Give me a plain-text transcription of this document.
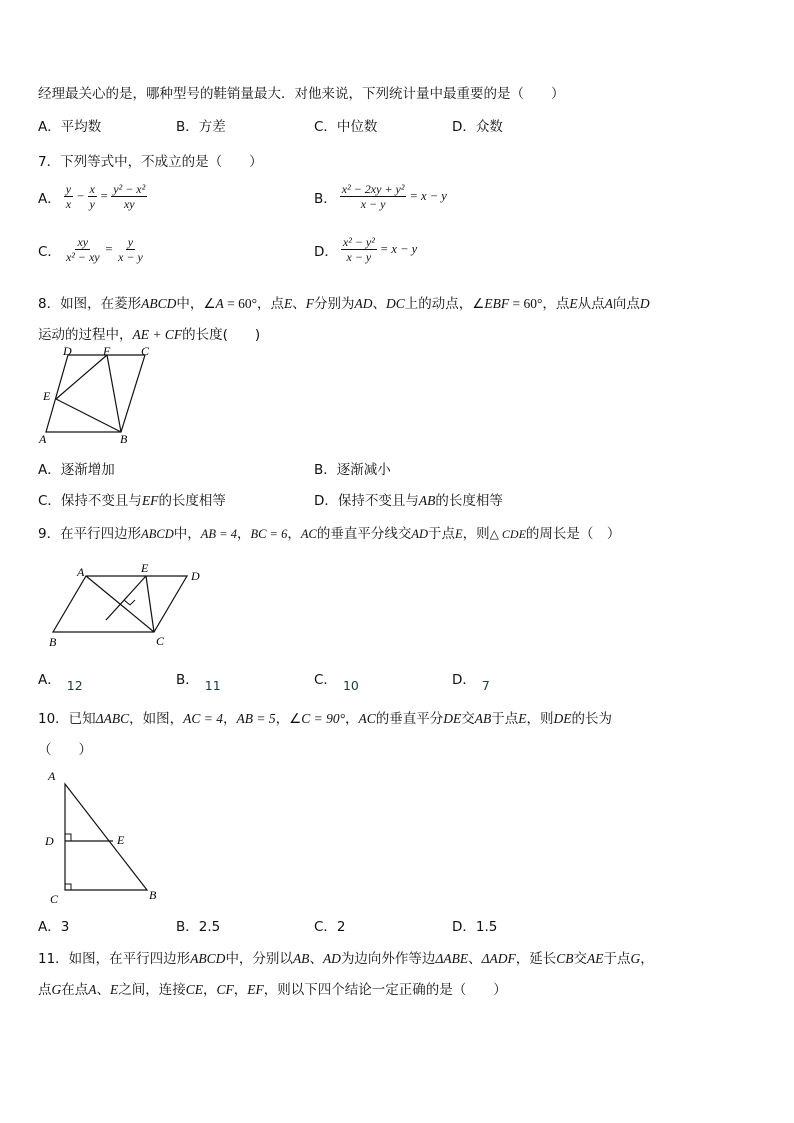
经理最关心的是，哪种型号的鞋销量最大．对他来说，下列统计量中最重要的是（　　）
A．平均数	B．方差	C．中位数	D．众数
7．下列等式中，不成立的是（　　）
A． $\frac{y}{x} - \frac{x}{y} = \frac{\text{y² − x²}}{xy}$	B． $\frac{\text{x² − 2xy + y²}}{x - y} = x - y$
C． $\frac{xy}{\text{x² − xy}} = \frac{y}{x - y}$	D． $\frac{\text{x² − y²}}{x - y} = x - y$
8．如图，在菱形ABCD中，∠A = 60°，点E、F分别为AD、DC上的动点，∠EBF = 60°，点E从点A向点D
运动的过程中，AE + CF的长度(　　)
D	F	C
E
A	B
A．逐渐增加	B．逐渐减小
C．保持不变且与EF的长度相等	D．保持不变且与AB的长度相等
9．在平行四边形ABCD中，AB = 4，BC = 6，AC的垂直平分线交AD于点E，则△ CDE的周长是（　）
A	E
D
B	C
A． 12	B． 11	C． 10	D． 7
10．已知ΔABC，如图，AC = 4，AB = 5，∠C = 90°，AC的垂直平分DE交AB于点E，则DE的长为
（　　）
A
D	E
C	B
A．3	B．2.5	C．2	D．1.5
11．如图，在平行四边形ABCD中，分别以AB、AD为边向外作等边ΔABE、ΔADF，延长CB交AE于点G，
点G在点A、E之间，连接CE，CF，EF，则以下四个结论一定正确的是（　　）
